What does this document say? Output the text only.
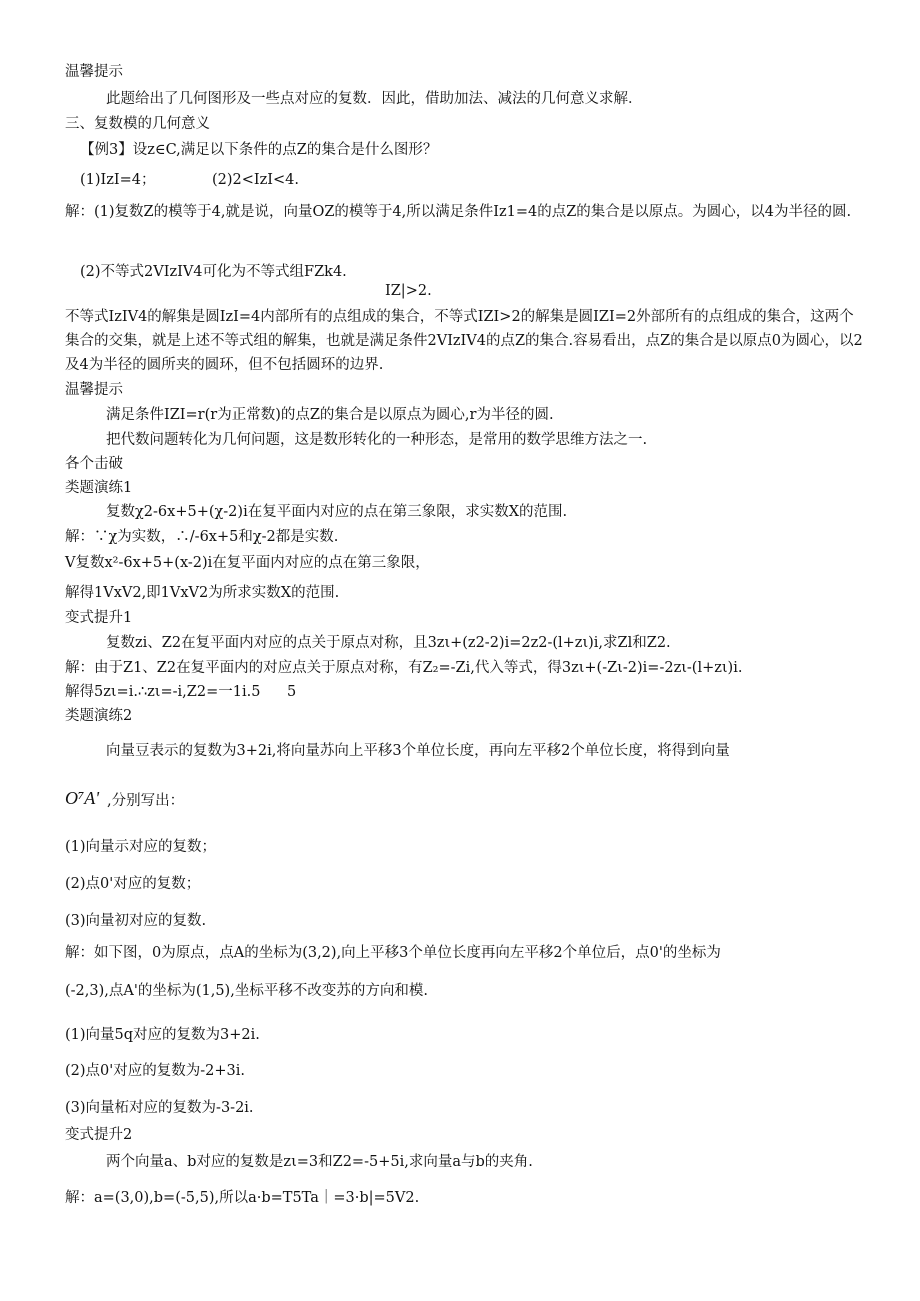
温馨提示
此题给出了几何图形及一些点对应的复数．因此，借助加法、减法的几何意义求解．
三、复数模的几何意义
【例3】设z∈C,满足以下条件的点Z的集合是什么图形？
(1)IzI=4；	(2)2<IzI<4.
解：(1)复数Z的模等于4,就是说，向量OZ的模等于4,所以满足条件Iz1=4的点Z的集合是以原点。为圆心，以4为半径的圆.
(2)不等式2VIzIV4可化为不等式组FZk4.
IZ|>2.
不等式IzIV4的解集是圆IzI=4内部所有的点组成的集合，不等式IZI>2的解集是圆IZI=2外部所有的点组成的集合，这两个集合的交集，就是上述不等式组的解集，也就是满足条件2VIzIV4的点Z的集合.容易看出，点Z的集合是以原点0为圆心，以2及4为半径的圆所夹的圆环，但不包括圆环的边界.
温馨提示
满足条件IZI=r(r为正常数)的点Z的集合是以原点为圆心,r为半径的圆.
把代数问题转化为几何问题，这是数形转化的一种形态，是常用的数学思维方法之一.
各个击破
类题演练1
复数χ2-6x+5+(χ-2)i在复平面内对应的点在第三象限，求实数X的范围.
解：∵χ为实数，∴/-6x+5和χ-2都是实数.
V复数x²-6x+5+(x-2)i在复平面内对应的点在第三象限，
解得1VxV2,即1VxV2为所求实数X的范围.
变式提升1
复数zi、Z2在复平面内对应的点关于原点对称，且3zι+(z2-2)i=2z2-(l+zι)i,求Zl和Z2.
解：由于Z1、Z2在复平面内的对应点关于原点对称，有Z₂=-Zi,代入等式，得3zι+(-Zι-2)i=-2zι-(l+zι)i.
解得5zι=i.∴zι=-i,Z2=一1i.5 5
类题演练2
向量豆表示的复数为3+2i,将向量苏向上平移3个单位长度，再向左平移2个单位长度，将得到向量
O⁷A' ,分别写出：
(1)向量示对应的复数；
(2)点0'对应的复数；
(3)向量初对应的复数.
解：如下图，0为原点，点A的坐标为(3,2),向上平移3个单位长度再向左平移2个单位后，点0'的坐标为
(-2,3),点A'的坐标为(1,5),坐标平移不改变苏的方向和模.
(1)向量5q对应的复数为3+2i.
(2)点0'对应的复数为-2+3i.
(3)向量柘对应的复数为-3-2i.
变式提升2
两个向量a、b对应的复数是zι=3和Z2=-5+5i,求向量a与b的夹角.
解：a=(3,0),b=(-5,5),所以a·b=T5Ta｜=3·b|=5V2.
